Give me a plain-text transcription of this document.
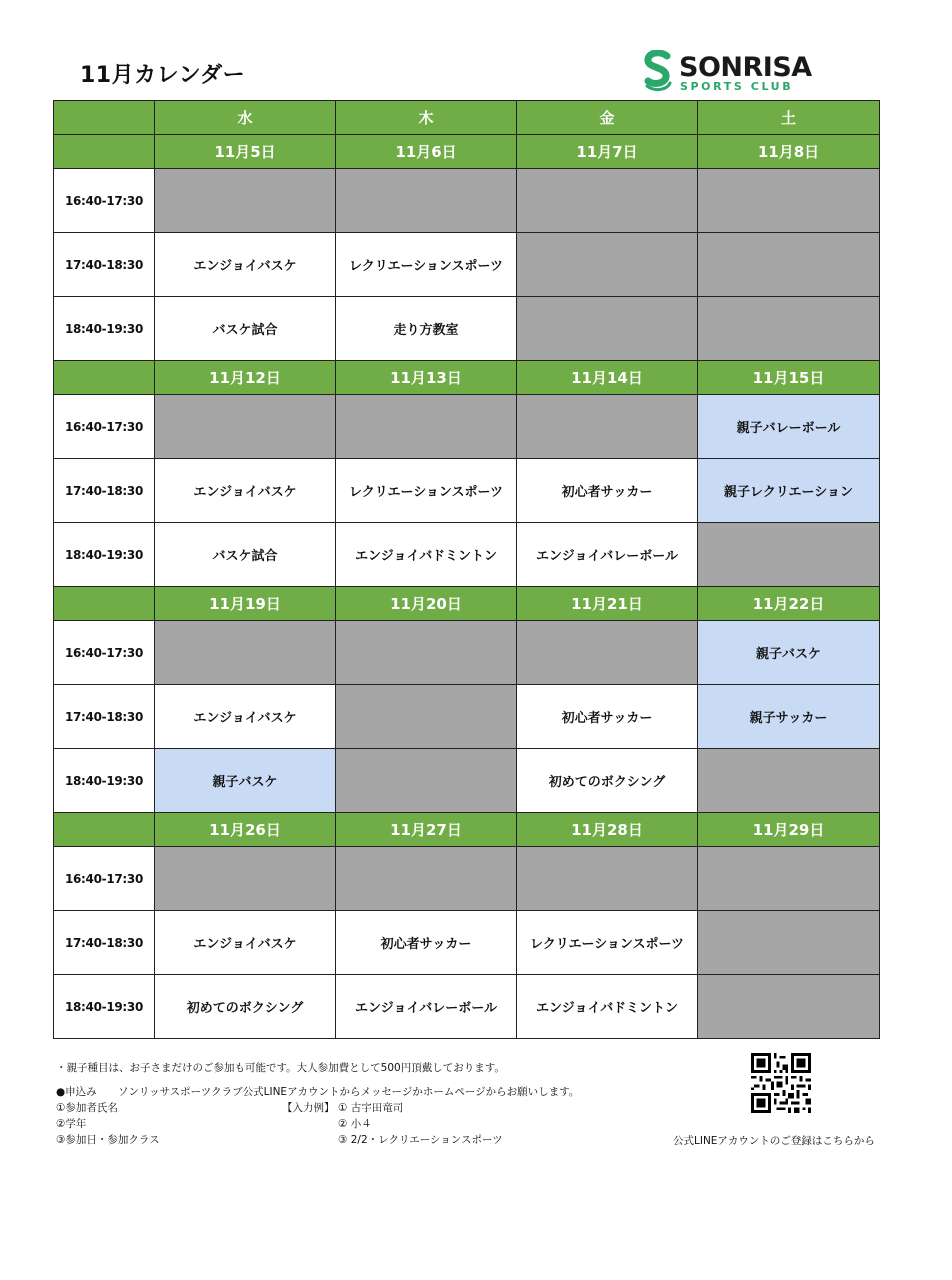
11月カレンダー	SONRISA
SPORTS CLUB
	水	木	金	土
	11月5日	11月6日	11月7日	11月8日
16:40-17:30				
17:40-18:30	エンジョイバスケ	レクリエーションスポーツ		
18:40-19:30	バスケ試合	走り方教室		
	11月12日	11月13日	11月14日	11月15日
16:40-17:30				親子バレーボール
17:40-18:30	エンジョイバスケ	レクリエーションスポーツ	初心者サッカー	親子レクリエーション
18:40-19:30	バスケ試合	エンジョイバドミントン	エンジョイバレーボール	
	11月19日	11月20日	11月21日	11月22日
16:40-17:30				親子バスケ
17:40-18:30	エンジョイバスケ		初心者サッカー	親子サッカー
18:40-19:30	親子バスケ		初めてのボクシング	
	11月26日	11月27日	11月28日	11月29日
16:40-17:30				
17:40-18:30	エンジョイバスケ	初心者サッカー	レクリエーションスポーツ	
18:40-19:30	初めてのボクシング	エンジョイバレーボール	エンジョイバドミントン	
・親子種目は、お子さまだけのご参加も可能です。大人参加費として500円頂戴しております。
●申込み ソンリッサスポーツクラブ公式LINEアカウントからメッセージかホームページからお願いします。
①参加者氏名
②学年
③参加日・参加クラス
【入力例】 ① 古宇田竜司
② 小４
③ 2/2・レクリエーションスポーツ	公式LINEアカウントのご登録はこちらから
